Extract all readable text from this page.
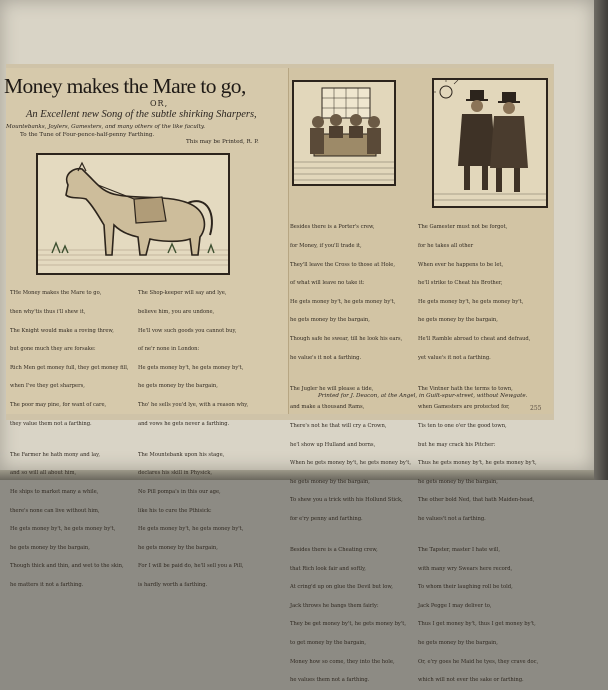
Money makes the Mare to go,
OR,
An Excellent new Song of the subtle shirking Sharpers,
Mountebanks, Joylers, Gamesters, and many others of the like faculty.
To the Tune of Four-pence-half-penny Farthing.
This may be Printed, R. P.

THe Money makes the Mare to go,

then why'tis thus i'll shew it,

The Knight would make a roving threw,

but gone much they are forsake:

Rich Men get money full, they get money fill,

when I've they get sharpers,

The poor may pine, for want of care,

they value them not a farthing.

The Farmer he hath mony and lay,

and so will all about him,

He ships to market many a while,

there's none can live without him,

He gets money by't, he gets money by't,

he gets money by the bargain,

Though thick and thin, and wet to the skin,

he matters it not a farthing.

The Shop-keeper will say and lye,

believe him, you are undone,

He'll vow such goods you cannot buy,

of ne'r none in London:

He gets money by't, he gets money by't,

he gets money by the bargain,

Tho' he sells you'd lye, with a reason why,

and vows he gets never a farthing.

The Mountebank upon his stage,

declares his skill in Physick,

No Pill pompa's in this our age,

like his to cure the Pthisick:

He gets money by't, he gets money by't,

he gets money by the bargain,

For I will be paid do, he'll sell you a Pill,

is hardly worth a farthing.

Besides there is a Porter's crew,

for Money, if you'll trade it,

They'll leave the Cross to those at Hole,

of what will leave no take it:

He gets money by't, he gets money by't,

he gets money by the bargain,

Though safe he swear, till he look his ears,

he value's it not a farthing.

The Jugler he will please a tide,

and make a thousand Rams,

There's not he that will cry a Crown,

he'l show up Hulland and borns,

When he gets money by't, he gets money by't,

he gets money by the bargain,

To shew you a trick with his Hollund Stick,

for e'ry penny and farthing.

Besides there is a Cheating crew,

that Rich look fair and softly,

At cring'd up on glue the Devil but low,

Jack throws he bangs them fairly:

They be get money by't, he gets money by't,

to get money by the bargain,

Money how so come, they into the hole,

he values them not a farthing.

The Gamester must not be forgot,

for he takes all other

When ever he happens to be let,

he'll strike to Cheat his Brother,

He gets money by't, he gets money by't,

he gets money by the bargain,

He'll Ramble abroad to cheat and defraud,

yet value's it not a farthing.

The Vintner hath the terms to town,

when Gamesters are protected for,

Tis ten to one o'er the good town,

but he may crack his Pitcher:

Thus he gets money by't, he gets money by't,

he gets money by the bargain,

The other bold Ned, that hath Maiden-head,

he values't not a farthing.

The Tapster, master I hate will,

with many wry Swears here record,

To whom their laughing roll be told,

Jack Pegge I may deliver to,

Thus I get money by't, thus I get money by't,

he gets money by the bargain,

Or, e'ry goes he Maid he tyes, they crave doc,

which will not ever the sake or farthing.

Printed for J. Deacon, at the Angel, in Guilt-spur-street, without Newgate.
255
